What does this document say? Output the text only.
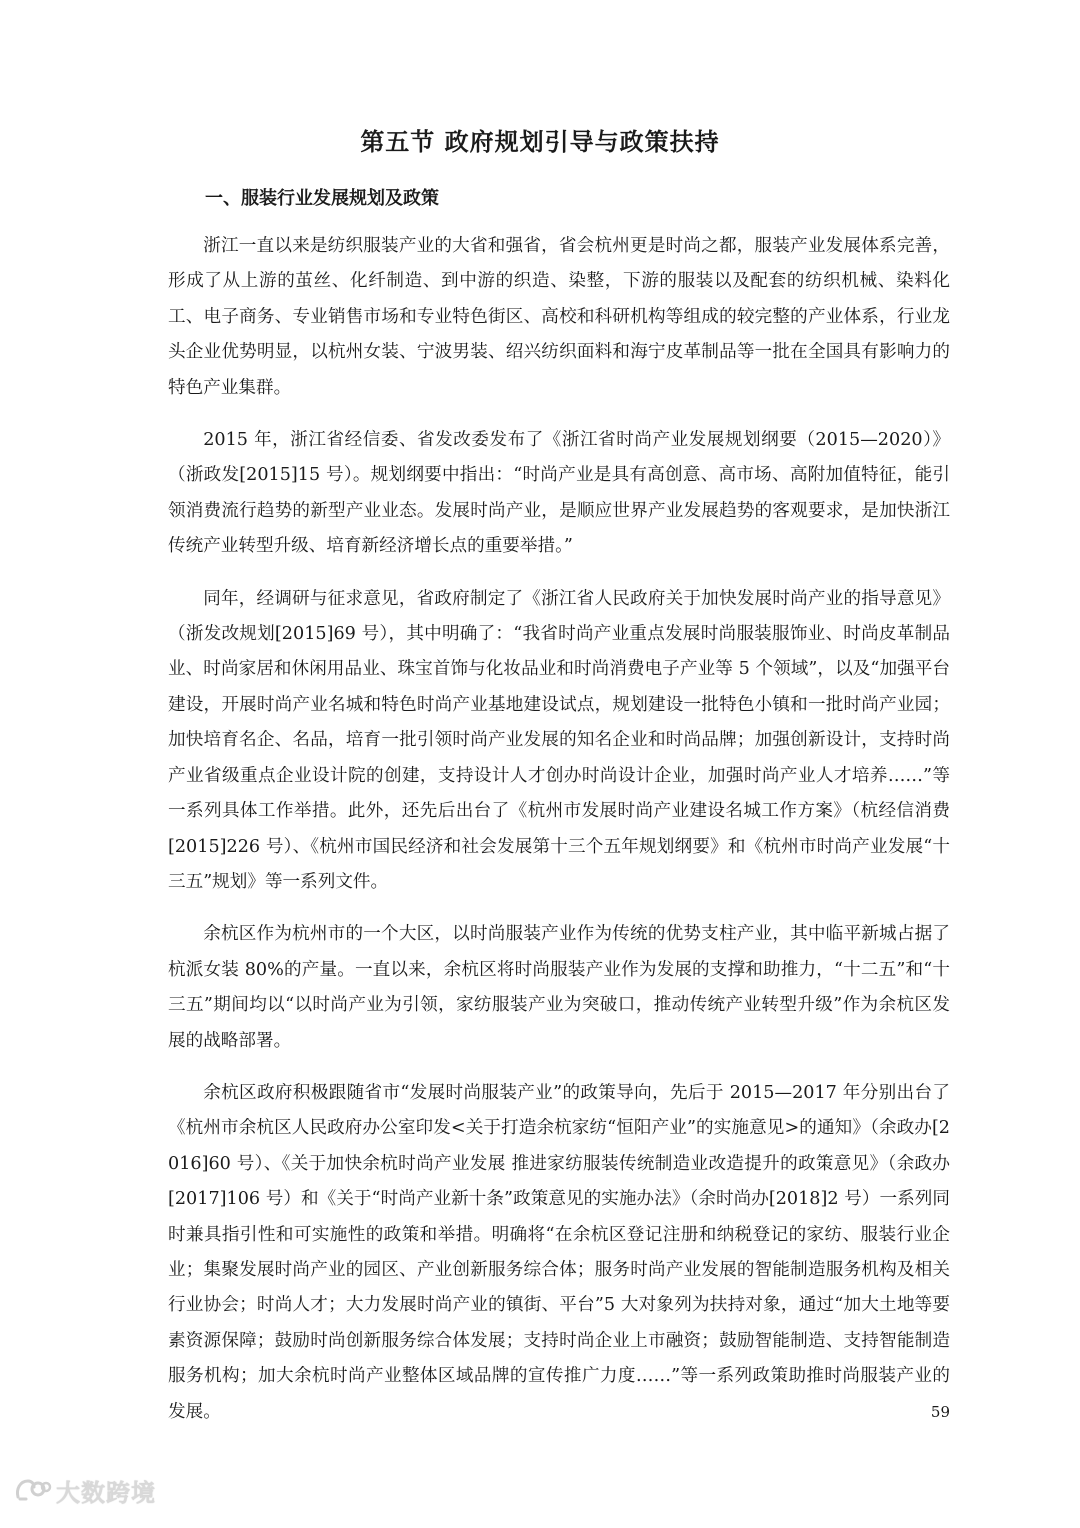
第五节 政府规划引导与政策扶持
一、服装行业发展规划及政策

浙江一直以来是纺织服装产业的大省和强省，省会杭州更是时尚之都，服装产业发展体系完善，形成了从上游的茧丝、化纤制造、到中游的织造、染整，下游的服装以及配套的纺织机械、染料化工、电子商务、专业销售市场和专业特色街区、高校和科研机构等组成的较完整的产业体系，行业龙头企业优势明显，以杭州女装、宁波男装、绍兴纺织面料和海宁皮革制品等一批在全国具有影响力的特色产业集群。

2015 年，浙江省经信委、省发改委发布了《浙江省时尚产业发展规划纲要（2015—2020）》（浙政发[2015]15 号）。规划纲要中指出：“时尚产业是具有高创意、高市场、高附加值特征，能引领消费流行趋势的新型产业业态。发展时尚产业，是顺应世界产业发展趋势的客观要求，是加快浙江传统产业转型升级、培育新经济增长点的重要举措。”

同年，经调研与征求意见，省政府制定了《浙江省人民政府关于加快发展时尚产业的指导意见》（浙发改规划[2015]69 号），其中明确了：“我省时尚产业重点发展时尚服装服饰业、时尚皮革制品业、时尚家居和休闲用品业、珠宝首饰与化妆品业和时尚消费电子产业等 5 个领域”，以及“加强平台建设，开展时尚产业名城和特色时尚产业基地建设试点，规划建设一批特色小镇和一批时尚产业园；加快培育名企、名品，培育一批引领时尚产业发展的知名企业和时尚品牌；加强创新设计，支持时尚产业省级重点企业设计院的创建，支持设计人才创办时尚设计企业，加强时尚产业人才培养……”等一系列具体工作举措。此外，还先后出台了《杭州市发展时尚产业建设名城工作方案》（杭经信消费[2015]226 号）、《杭州市国民经济和社会发展第十三个五年规划纲要》和《杭州市时尚产业发展“十三五”规划》等一系列文件。

余杭区作为杭州市的一个大区，以时尚服装产业作为传统的优势支柱产业，其中临平新城占据了杭派女装 80%的产量。一直以来，余杭区将时尚服装产业作为发展的支撑和助推力，“十二五”和“十三五”期间均以“以时尚产业为引领，家纺服装产业为突破口，推动传统产业转型升级”作为余杭区发展的战略部署。

余杭区政府积极跟随省市“发展时尚服装产业”的政策导向，先后于 2015—2017 年分别出台了《杭州市余杭区人民政府办公室印发<关于打造余杭家纺“恒阳产业”的实施意见>的通知》（余政办[2016]60 号）、《关于加快余杭时尚产业发展 推进家纺服装传统制造业改造提升的政策意见》（余政办[2017]106 号）和《关于“时尚产业新十条”政策意见的实施办法》（余时尚办[2018]2 号）一系列同时兼具指引性和可实施性的政策和举措。明确将“在余杭区登记注册和纳税登记的家纺、服装行业企业；集聚发展时尚产业的园区、产业创新服务综合体；服务时尚产业发展的智能制造服务机构及相关行业协会；时尚人才；大力发展时尚产业的镇街、平台”5 大对象列为扶持对象，通过“加大土地等要素资源保障；鼓励时尚创新服务综合体发展；支持时尚企业上市融资；鼓励智能制造、支持智能制造服务机构；加大余杭时尚产业整体区域品牌的宣传推广力度……”等一系列政策助推时尚服装产业的发展。	59
大数跨境
